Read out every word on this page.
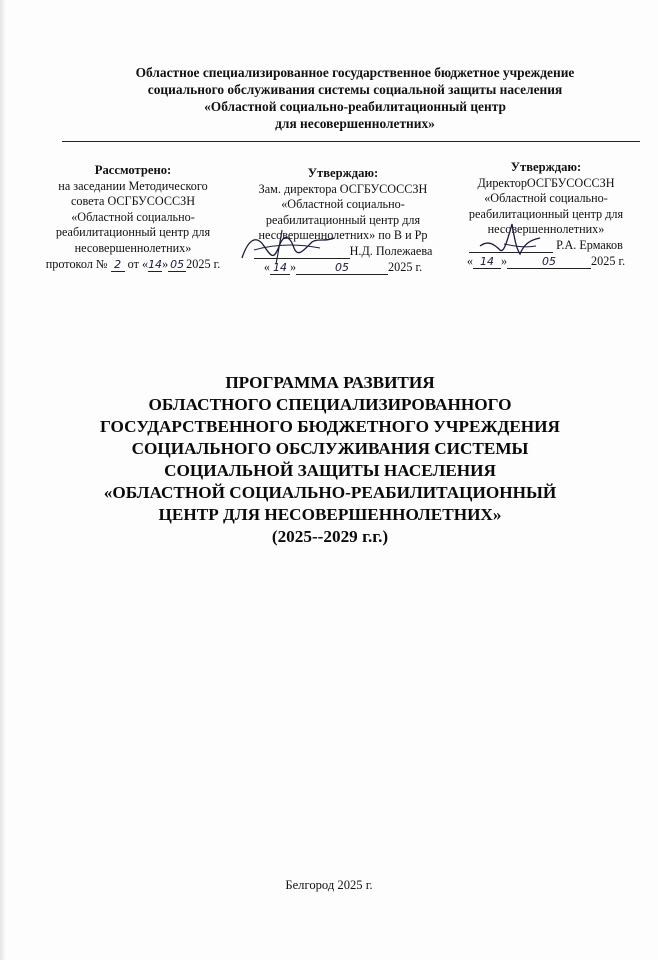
Областное специализированное государственное бюджетное учреждение
социального обслуживания системы социальной защиты населения
«Областной социально-реабилитационный центр
для несовершеннолетних»
Рассмотрено:
на заседании Методического
совета ОСГБУСОССЗН
«Областной социально-
реабилитационный центр для
несовершеннолетних»
протокол № 2 от «14» 05 2025 г.
Утверждаю:
Зам. директора ОСГБУСОССЗН
«Областной социально-
реабилитационный центр для
несовершеннолетних» по В и Рр
Н.Д. Полежаева
« 14 »	05	2025 г.
Утверждаю:
ДиректорОСГБУСОССЗН
«Областной социально-
реабилитационный центр для
несовершеннолетних»
Р.А. Ермаков
« 14 »	05	2025 г.
ПРОГРАММА РАЗВИТИЯ
ОБЛАСТНОГО СПЕЦИАЛИЗИРОВАННОГО
ГОСУДАРСТВЕННОГО БЮДЖЕТНОГО УЧРЕЖДЕНИЯ
СОЦИАЛЬНОГО ОБСЛУЖИВАНИЯ СИСТЕМЫ
СОЦИАЛЬНОЙ ЗАЩИТЫ НАСЕЛЕНИЯ
«ОБЛАСТНОЙ СОЦИАЛЬНО-РЕАБИЛИТАЦИОННЫЙ
ЦЕНТР ДЛЯ НЕСОВЕРШЕННОЛЕТНИХ»
(2025--2029 г.г.)
Белгород 2025 г.
